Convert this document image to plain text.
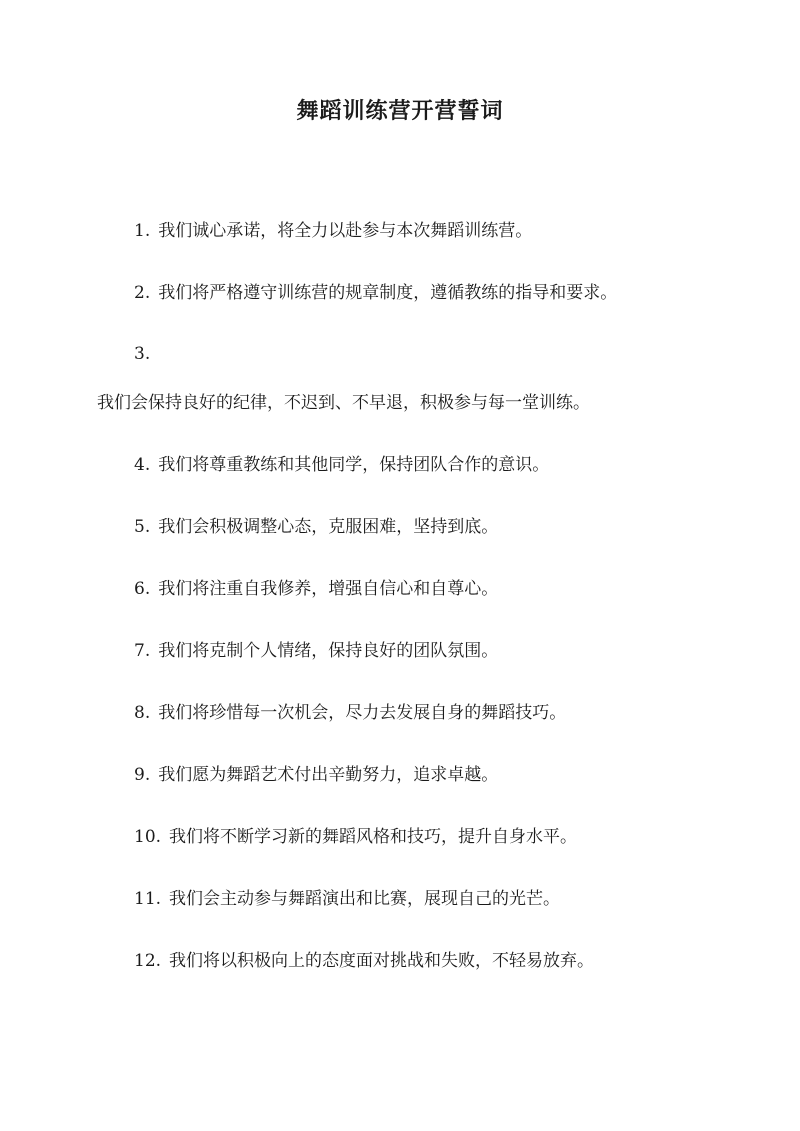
舞蹈训练营开营誓词

1. 我们诚心承诺，将全力以赴参与本次舞蹈训练营。

2. 我们将严格遵守训练营的规章制度，遵循教练的指导和要求。

3.

我们会保持良好的纪律，不迟到、不早退，积极参与每一堂训练。

4. 我们将尊重教练和其他同学，保持团队合作的意识。

5. 我们会积极调整心态，克服困难，坚持到底。

6. 我们将注重自我修养，增强自信心和自尊心。

7. 我们将克制个人情绪，保持良好的团队氛围。

8. 我们将珍惜每一次机会，尽力去发展自身的舞蹈技巧。

9. 我们愿为舞蹈艺术付出辛勤努力，追求卓越。

10. 我们将不断学习新的舞蹈风格和技巧，提升自身水平。

11. 我们会主动参与舞蹈演出和比赛，展现自己的光芒。

12. 我们将以积极向上的态度面对挑战和失败，不轻易放弃。
